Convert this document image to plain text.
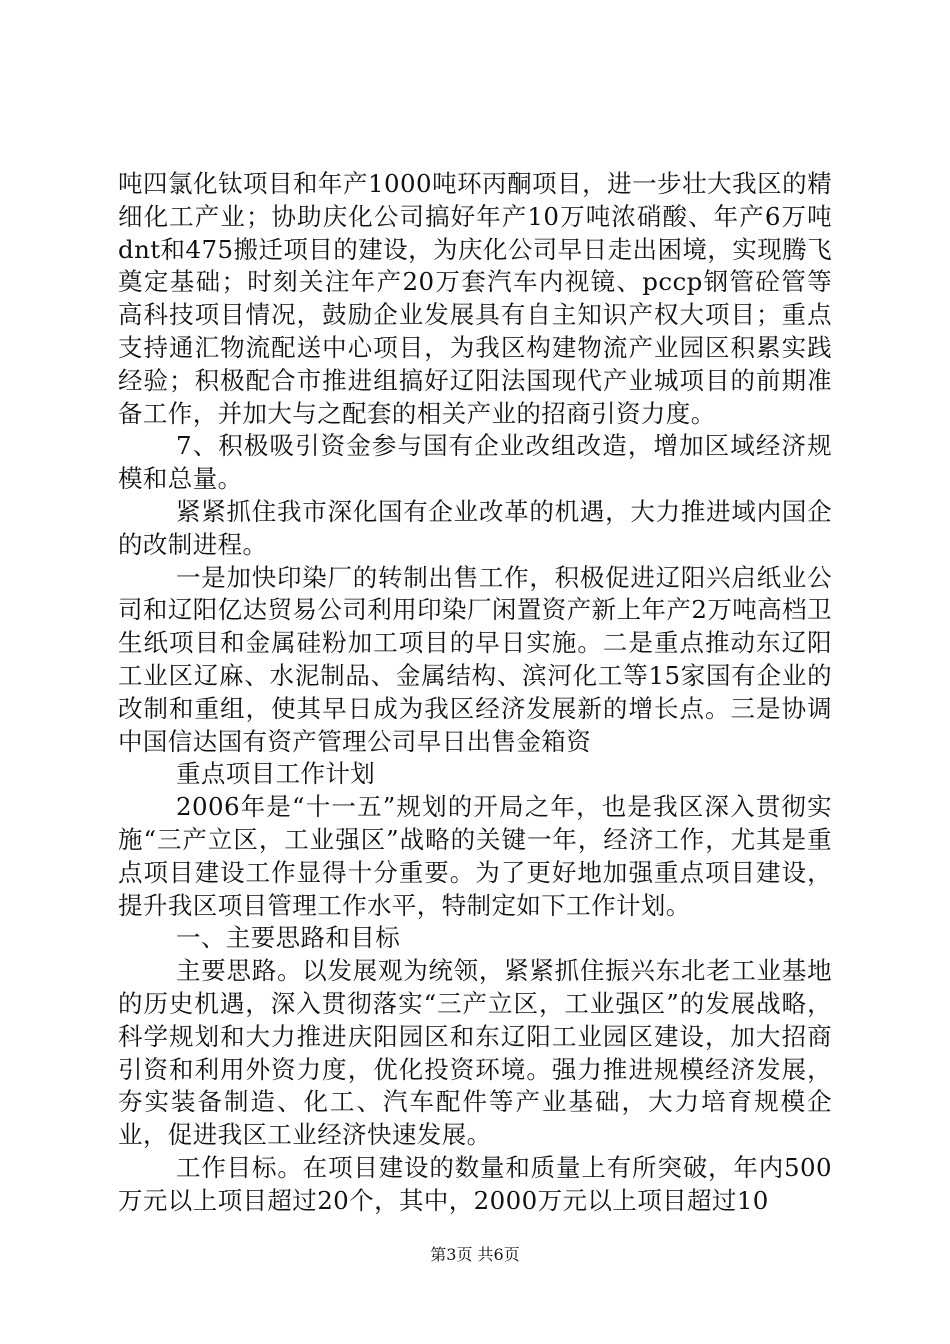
吨四氯化钛项目和年产1000吨环丙酮项目，进一步壮大我区的精细化工产业；协助庆化公司搞好年产10万吨浓硝酸、年产6万吨dnt和475搬迁项目的建设，为庆化公司早日走出困境，实现腾飞奠定基础；时刻关注年产20万套汽车内视镜、pccp钢管砼管等高科技项目情况，鼓励企业发展具有自主知识产权大项目；重点支持通汇物流配送中心项目，为我区构建物流产业园区积累实践经验；积极配合市推进组搞好辽阳法国现代产业城项目的前期准备工作，并加大与之配套的相关产业的招商引资力度。

7、积极吸引资金参与国有企业改组改造，增加区域经济规模和总量。

紧紧抓住我市深化国有企业改革的机遇，大力推进域内国企的改制进程。

一是加快印染厂的转制出售工作，积极促进辽阳兴启纸业公司和辽阳亿达贸易公司利用印染厂闲置资产新上年产2万吨高档卫生纸项目和金属硅粉加工项目的早日实施。二是重点推动东辽阳工业区辽麻、水泥制品、金属结构、滨河化工等15家国有企业的改制和重组，使其早日成为我区经济发展新的增长点。三是协调中国信达国有资产管理公司早日出售金箱资

重点项目工作计划

2006年是“十一五”规划的开局之年，也是我区深入贯彻实施“三产立区，工业强区”战略的关键一年，经济工作，尤其是重点项目建设工作显得十分重要。为了更好地加强重点项目建设，提升我区项目管理工作水平，特制定如下工作计划。

一、主要思路和目标

主要思路。以发展观为统领，紧紧抓住振兴东北老工业基地的历史机遇，深入贯彻落实“三产立区，工业强区”的发展战略，科学规划和大力推进庆阳园区和东辽阳工业园区建设，加大招商引资和利用外资力度，优化投资环境。强力推进规模经济发展，夯实装备制造、化工、汽车配件等产业基础，大力培育规模企业，促进我区工业经济快速发展。

工作目标。在项目建设的数量和质量上有所突破，年内500万元以上项目超过20个，其中，2000万元以上项目超过10

第3页 共6页
